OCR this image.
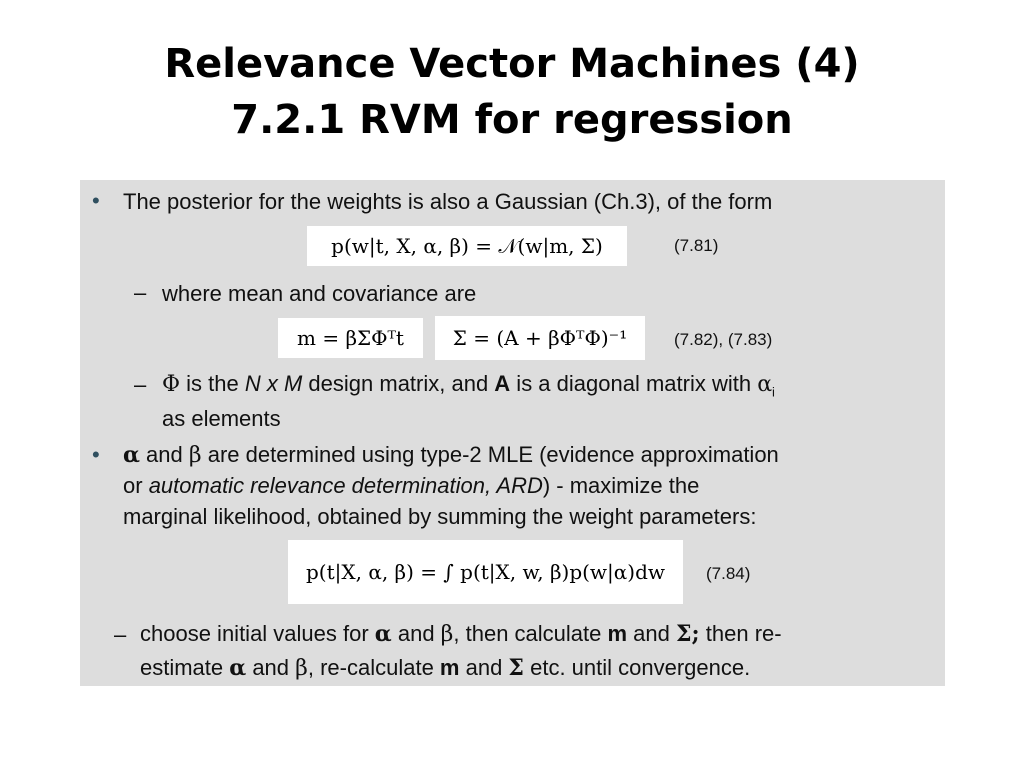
Relevance Vector Machines (4)
7.2.1 RVM for regression
• The posterior for the weights is also a Gaussian (Ch.3), of the form
p(w|t, X, α, β) = 𝒩(w|m, Σ)	(7.81)
– where mean and covariance are
m = βΣΦᵀt	Σ = (A + βΦᵀΦ)⁻¹	(7.82), (7.83)
– Φ is the N x M design matrix, and A is a diagonal matrix with $\alpha_i$
as elements
• α and β are determined using type-2 MLE (evidence approximation
or automatic relevance determination, ARD) - maximize the
marginal likelihood, obtained by summing the weight parameters:
p(t|X, α, β) = ∫ p(t|X, w, β)p(w|α)dw	(7.84)
– choose initial values for α and β, then calculate m and Σ; then re-
estimate α and β, re-calculate m and Σ etc. until convergence.
